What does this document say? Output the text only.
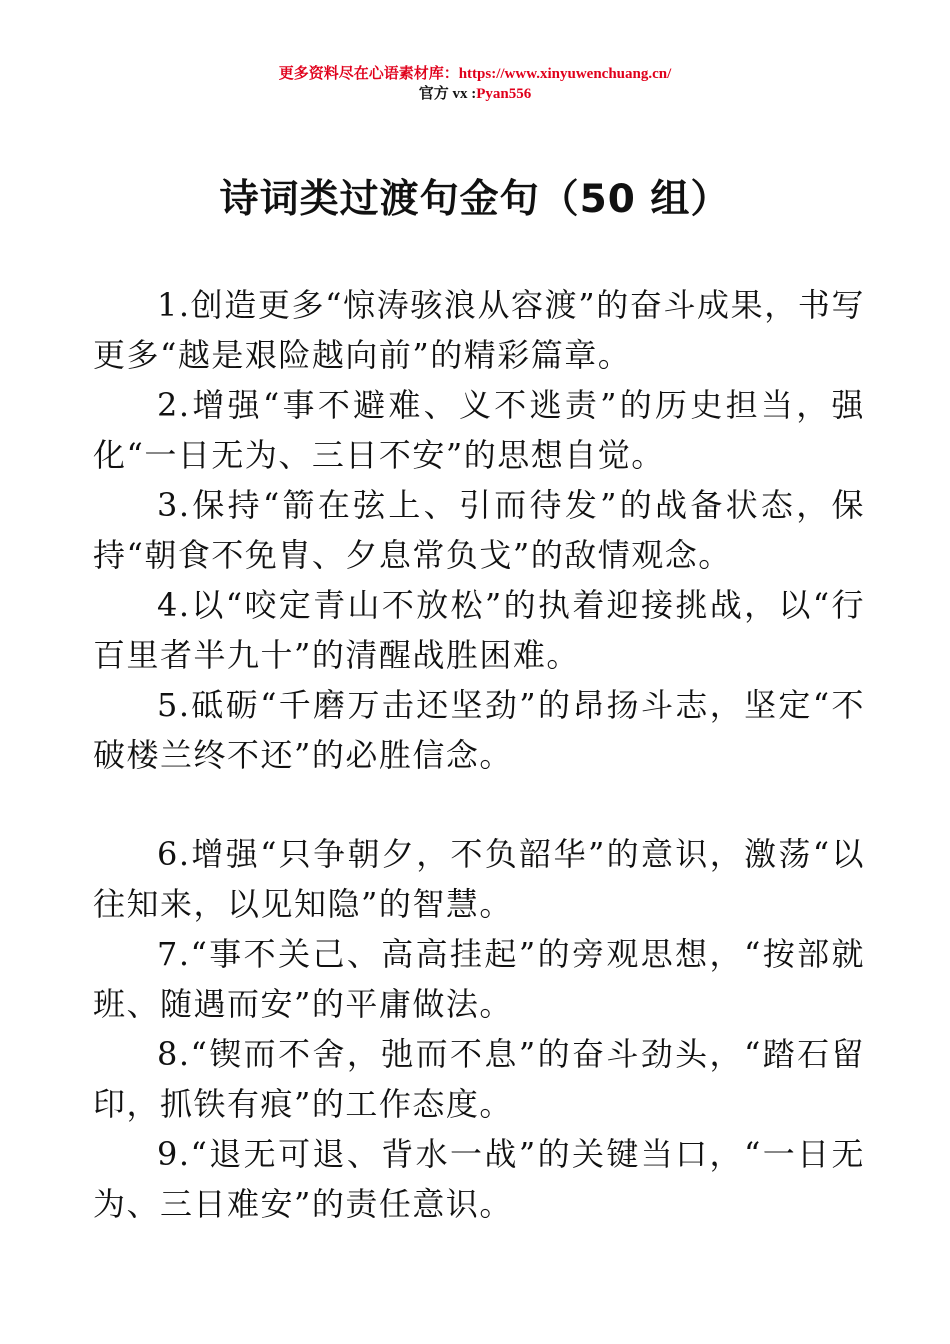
更多资料尽在心语素材库：https://www.xinyuwenchuang.cn/
官方 vx :Pyan556
诗词类过渡句金句（50 组）

1.创造更多“惊涛骇浪从容渡”的奋斗成果，书写更多“越是艰险越向前”的精彩篇章。

2.增强“事不避难、义不逃责”的历史担当，强化“一日无为、三日不安”的思想自觉。

3.保持“箭在弦上、引而待发”的战备状态，保持“朝食不免胄、夕息常负戈”的敌情观念。

4.以“咬定青山不放松”的执着迎接挑战，以“行百里者半九十”的清醒战胜困难。

5.砥砺“千磨万击还坚劲”的昂扬斗志，坚定“不破楼兰终不还”的必胜信念。

6.增强“只争朝夕，不负韶华”的意识，激荡“以往知来，以见知隐”的智慧。

7.“事不关己、高高挂起”的旁观思想，“按部就班、随遇而安”的平庸做法。

8.“锲而不舍，弛而不息”的奋斗劲头，“踏石留印，抓铁有痕”的工作态度。

9.“退无可退、背水一战”的关键当口，“一日无为、三日难安”的责任意识。
